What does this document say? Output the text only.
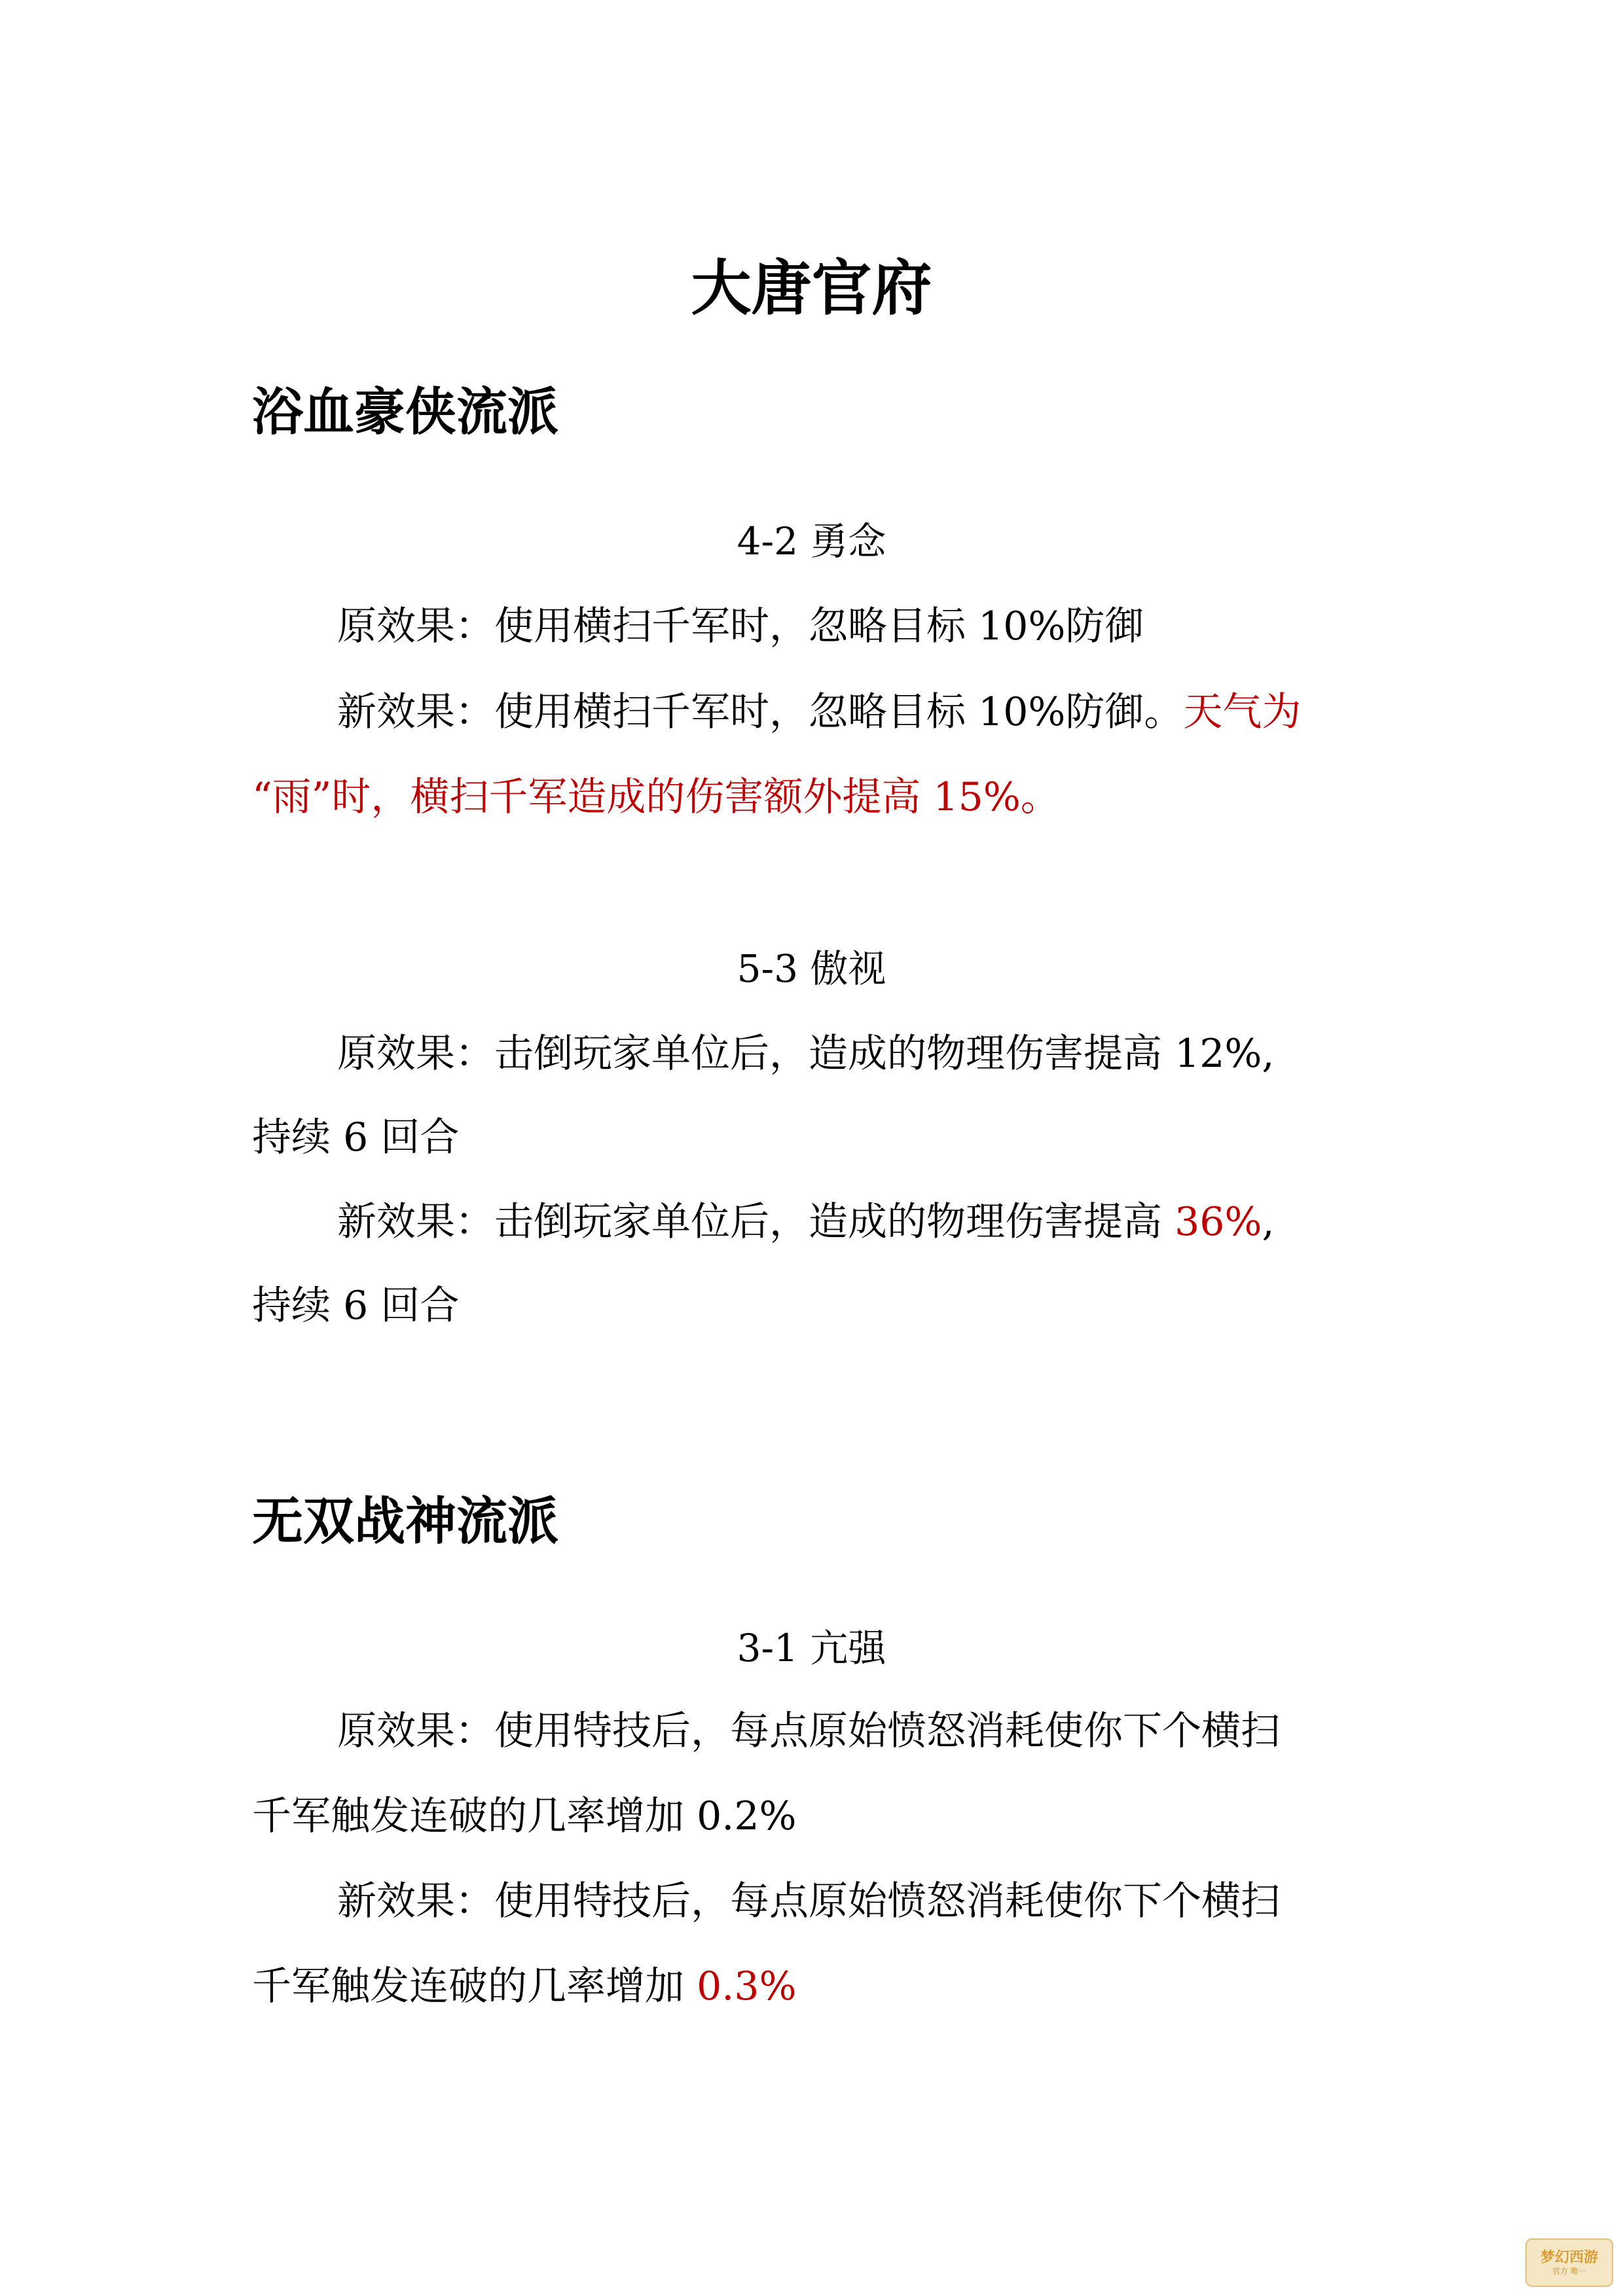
大唐官府
浴血豪侠流派
4-2 勇念
原效果：使用横扫千军时，忽略目标 10%防御
新效果：使用横扫千军时，忽略目标 10%防御。天气为
“雨”时，横扫千军造成的伤害额外提高 15%。
5-3 傲视
原效果：击倒玩家单位后，造成的物理伤害提高 12%,
持续 6 回合
新效果：击倒玩家单位后，造成的物理伤害提高 36%,
持续 6 回合
无双战神流派
3-1 亢强
原效果：使用特技后，每点原始愤怒消耗使你下个横扫
千军触发连破的几率增加 0.2%
新效果：使用特技后，每点原始愤怒消耗使你下个横扫
千军触发连破的几率增加 0.3%
梦幻西游
官方 唯一
